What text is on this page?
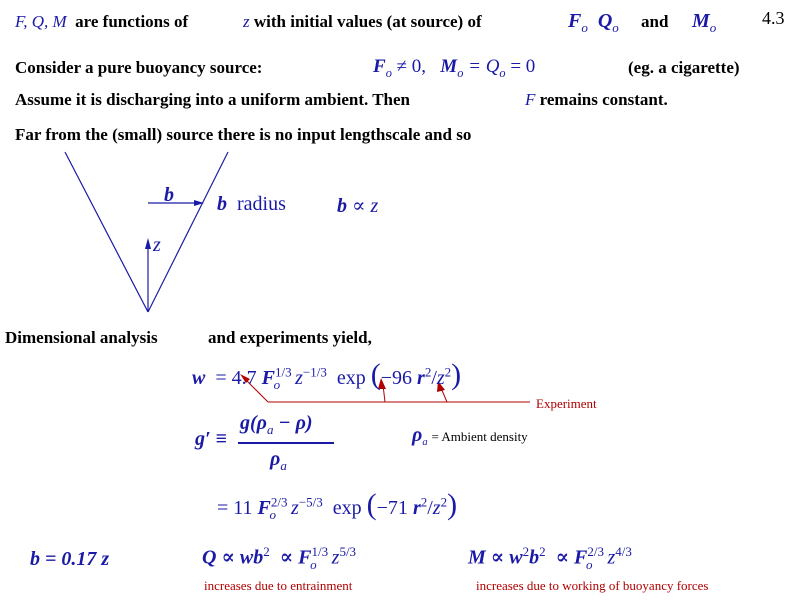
4.3
F, Q, M are functions of	z with initial values (at source) of	$F_o$ $Q_o$ and $M_o$
Consider a pure buoyancy source:	$F_o \ne 0$, $M_o = Q_o = 0$	(eg. a cigarette)
Assume it is discharging into a uniform ambient. Then	F remains constant.
Far from the (small) source there is no input lengthscale and so
b
z
b radius	b ∝ z
Dimensional analysis	and experiments yield,
w = 4.7 $F^{1/3}_o$ $z^{-1/3}$ exp (−96 $r^2/z^2$)
Experiment
g′ ≡
$g(\rho_a - \rho)$
$\rho_a$
$\rho_a$ = Ambient density
= 11 $F^{2/3}_o$ $z^{-5/3}$ exp (−71 $r^2/z^2$)
b = 0.17 z	$Q \propto wb^2 \propto F^{1/3}_o$ $z^{5/3}$
increases due to entrainment
$M \propto w^2b^2 \propto F^{2/3}_o$ $z^{4/3}$
increases due to working of buoyancy forces
